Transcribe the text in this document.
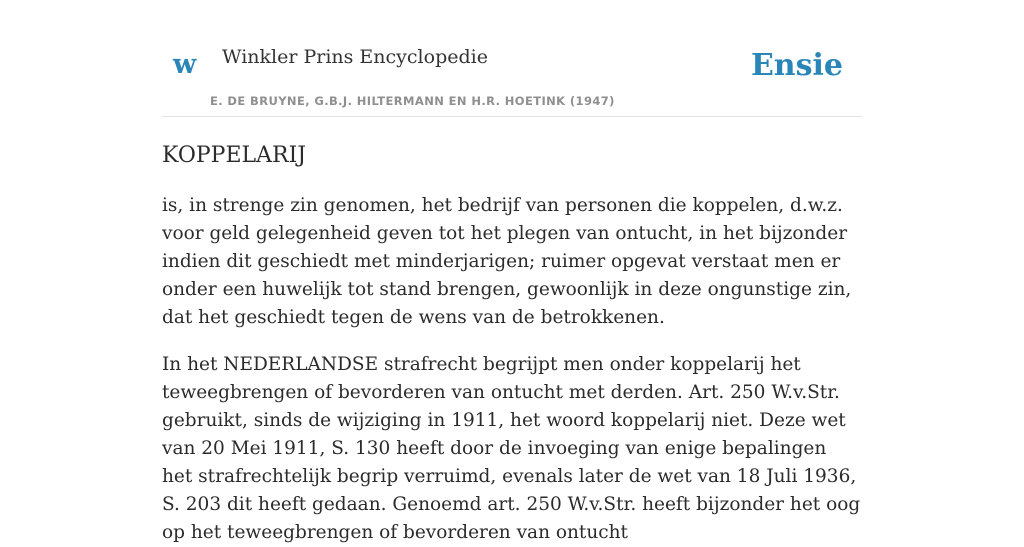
w Winkler Prins Encyclopedie
E. DE BRUYNE, G.B.J. HILTERMANN EN H.R. HOETINK (1947)
Ensie
KOPPELARIJ

is, in strenge zin genomen, het bedrijf van personen die koppelen, d.w.z. voor geld gelegenheid geven tot het plegen van ontucht, in het bijzonder indien dit geschiedt met minderjarigen; ruimer opgevat verstaat men er onder een huwelijk tot stand brengen, gewoonlijk in deze ongunstige zin, dat het geschiedt tegen de wens van de betrokkenen.

In het NEDERLANDSE strafrecht begrijpt men onder koppelarij het teweegbrengen of bevorderen van ontucht met derden. Art. 250 W.v.Str. gebruikt, sinds de wijziging in 1911, het woord koppelarij niet. Deze wet van 20 Mei 1911, S. 130 heeft door de invoeging van enige bepalingen het strafrechtelijk begrip verruimd, evenals later de wet van 18 Juli 1936, S. 203 dit heeft gedaan. Genoemd art. 250 W.v.Str. heeft bijzonder het oog op het teweegbrengen of bevorderen van ontucht
